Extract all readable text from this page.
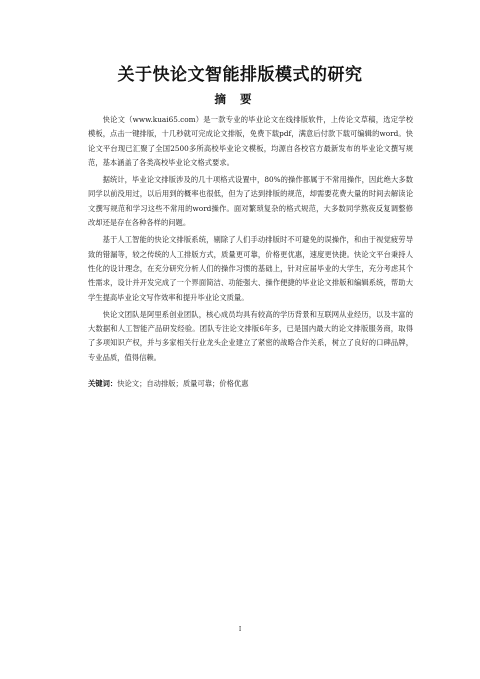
关于快论文智能排版模式的研究
摘要

快论文（www.kuai65.com）是一款专业的毕业论文在线排版软件，上传论文草稿，选定学校模板，点击一键排版，十几秒就可完成论文排版，免费下载pdf，满意后付款下载可编辑的word。快论文平台现已汇聚了全国2500多所高校毕业论文模板，均源自各校官方最新发布的毕业论文撰写规范，基本涵盖了各类高校毕业论文格式要求。

据统计，毕业论文排版涉及的几十项格式设置中，80%的操作都属于不常用操作，因此绝大多数同学以前没用过，以后用到的概率也很低，但为了达到排版的规范，却需要花费大量的时间去解读论文撰写规范和学习这些不常用的word操作。面对繁琐复杂的格式规范，大多数同学熬夜反复调整修改却还是存在各种各样的问题。

基于人工智能的快论文排版系统，剔除了人们手动排版时不可避免的误操作，和由于视觉疲劳导致的错漏等，较之传统的人工排版方式，质量更可靠，价格更优惠，速度更快捷。快论文平台秉持人性化的设计理念，在充分研究分析人们的操作习惯的基础上，针对应届毕业的大学生，充分考虑其个性需求，设计并开发完成了一个界面简洁、功能强大、操作便捷的毕业论文排版和编辑系统，帮助大学生提高毕业论文写作效率和提升毕业论文质量。

快论文团队是阿里系创业团队，核心成员均具有较高的学历背景和互联网从业经历，以及丰富的大数据和人工智能产品研发经验。团队专注论文排版6年多，已是国内最大的论文排版服务商，取得了多项知识产权，并与多家相关行业龙头企业建立了紧密的战略合作关系，树立了良好的口碑品牌，专业品质，值得信赖。

关键词：快论文；自动排版；质量可靠；价格优惠
I
